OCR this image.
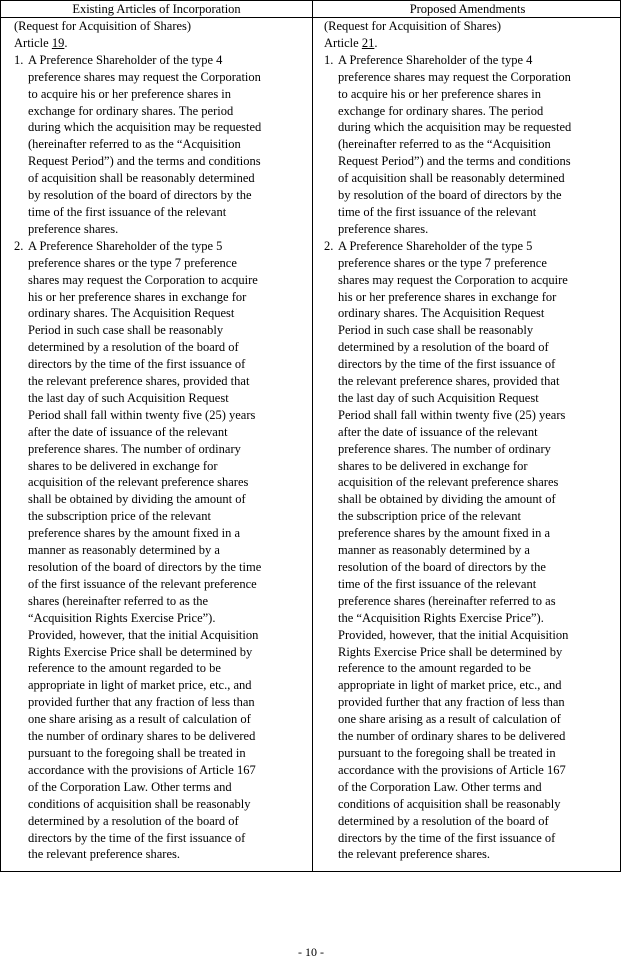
Existing Articles of Incorporation	Proposed Amendments
(Request for Acquisition of Shares)
Article 19.
1. A Preference Shareholder of the type 4
preference shares may request the Corporation
to acquire his or her preference shares in
exchange for ordinary shares. The period
during which the acquisition may be requested
(hereinafter referred to as the “Acquisition
Request Period”) and the terms and conditions
of acquisition shall be reasonably determined
by resolution of the board of directors by the
time of the first issuance of the relevant
preference shares.
2. A Preference Shareholder of the type 5
preference shares or the type 7 preference
shares may request the Corporation to acquire
his or her preference shares in exchange for
ordinary shares. The Acquisition Request
Period in such case shall be reasonably
determined by a resolution of the board of
directors by the time of the first issuance of
the relevant preference shares, provided that
the last day of such Acquisition Request
Period shall fall within twenty five (25) years
after the date of issuance of the relevant
preference shares. The number of ordinary
shares to be delivered in exchange for
acquisition of the relevant preference shares
shall be obtained by dividing the amount of
the subscription price of the relevant
preference shares by the amount fixed in a
manner as reasonably determined by a
resolution of the board of directors by the time
of the first issuance of the relevant preference
shares (hereinafter referred to as the
“Acquisition Rights Exercise Price”).
Provided, however, that the initial Acquisition
Rights Exercise Price shall be determined by
reference to the amount regarded to be
appropriate in light of market price, etc., and
provided further that any fraction of less than
one share arising as a result of calculation of
the number of ordinary shares to be delivered
pursuant to the foregoing shall be treated in
accordance with the provisions of Article 167
of the Corporation Law. Other terms and
conditions of acquisition shall be reasonably
determined by a resolution of the board of
directors by the time of the first issuance of
the relevant preference shares.
(Request for Acquisition of Shares)
Article 21.
1. A Preference Shareholder of the type 4
preference shares may request the Corporation
to acquire his or her preference shares in
exchange for ordinary shares. The period
during which the acquisition may be requested
(hereinafter referred to as the “Acquisition
Request Period”) and the terms and conditions
of acquisition shall be reasonably determined
by resolution of the board of directors by the
time of the first issuance of the relevant
preference shares.
2. A Preference Shareholder of the type 5
preference shares or the type 7 preference
shares may request the Corporation to acquire
his or her preference shares in exchange for
ordinary shares. The Acquisition Request
Period in such case shall be reasonably
determined by a resolution of the board of
directors by the time of the first issuance of
the relevant preference shares, provided that
the last day of such Acquisition Request
Period shall fall within twenty five (25) years
after the date of issuance of the relevant
preference shares. The number of ordinary
shares to be delivered in exchange for
acquisition of the relevant preference shares
shall be obtained by dividing the amount of
the subscription price of the relevant
preference shares by the amount fixed in a
manner as reasonably determined by a
resolution of the board of directors by the
time of the first issuance of the relevant
preference shares (hereinafter referred to as
the “Acquisition Rights Exercise Price”).
Provided, however, that the initial Acquisition
Rights Exercise Price shall be determined by
reference to the amount regarded to be
appropriate in light of market price, etc., and
provided further that any fraction of less than
one share arising as a result of calculation of
the number of ordinary shares to be delivered
pursuant to the foregoing shall be treated in
accordance with the provisions of Article 167
of the Corporation Law. Other terms and
conditions of acquisition shall be reasonably
determined by a resolution of the board of
directors by the time of the first issuance of
the relevant preference shares.
- 10 -
